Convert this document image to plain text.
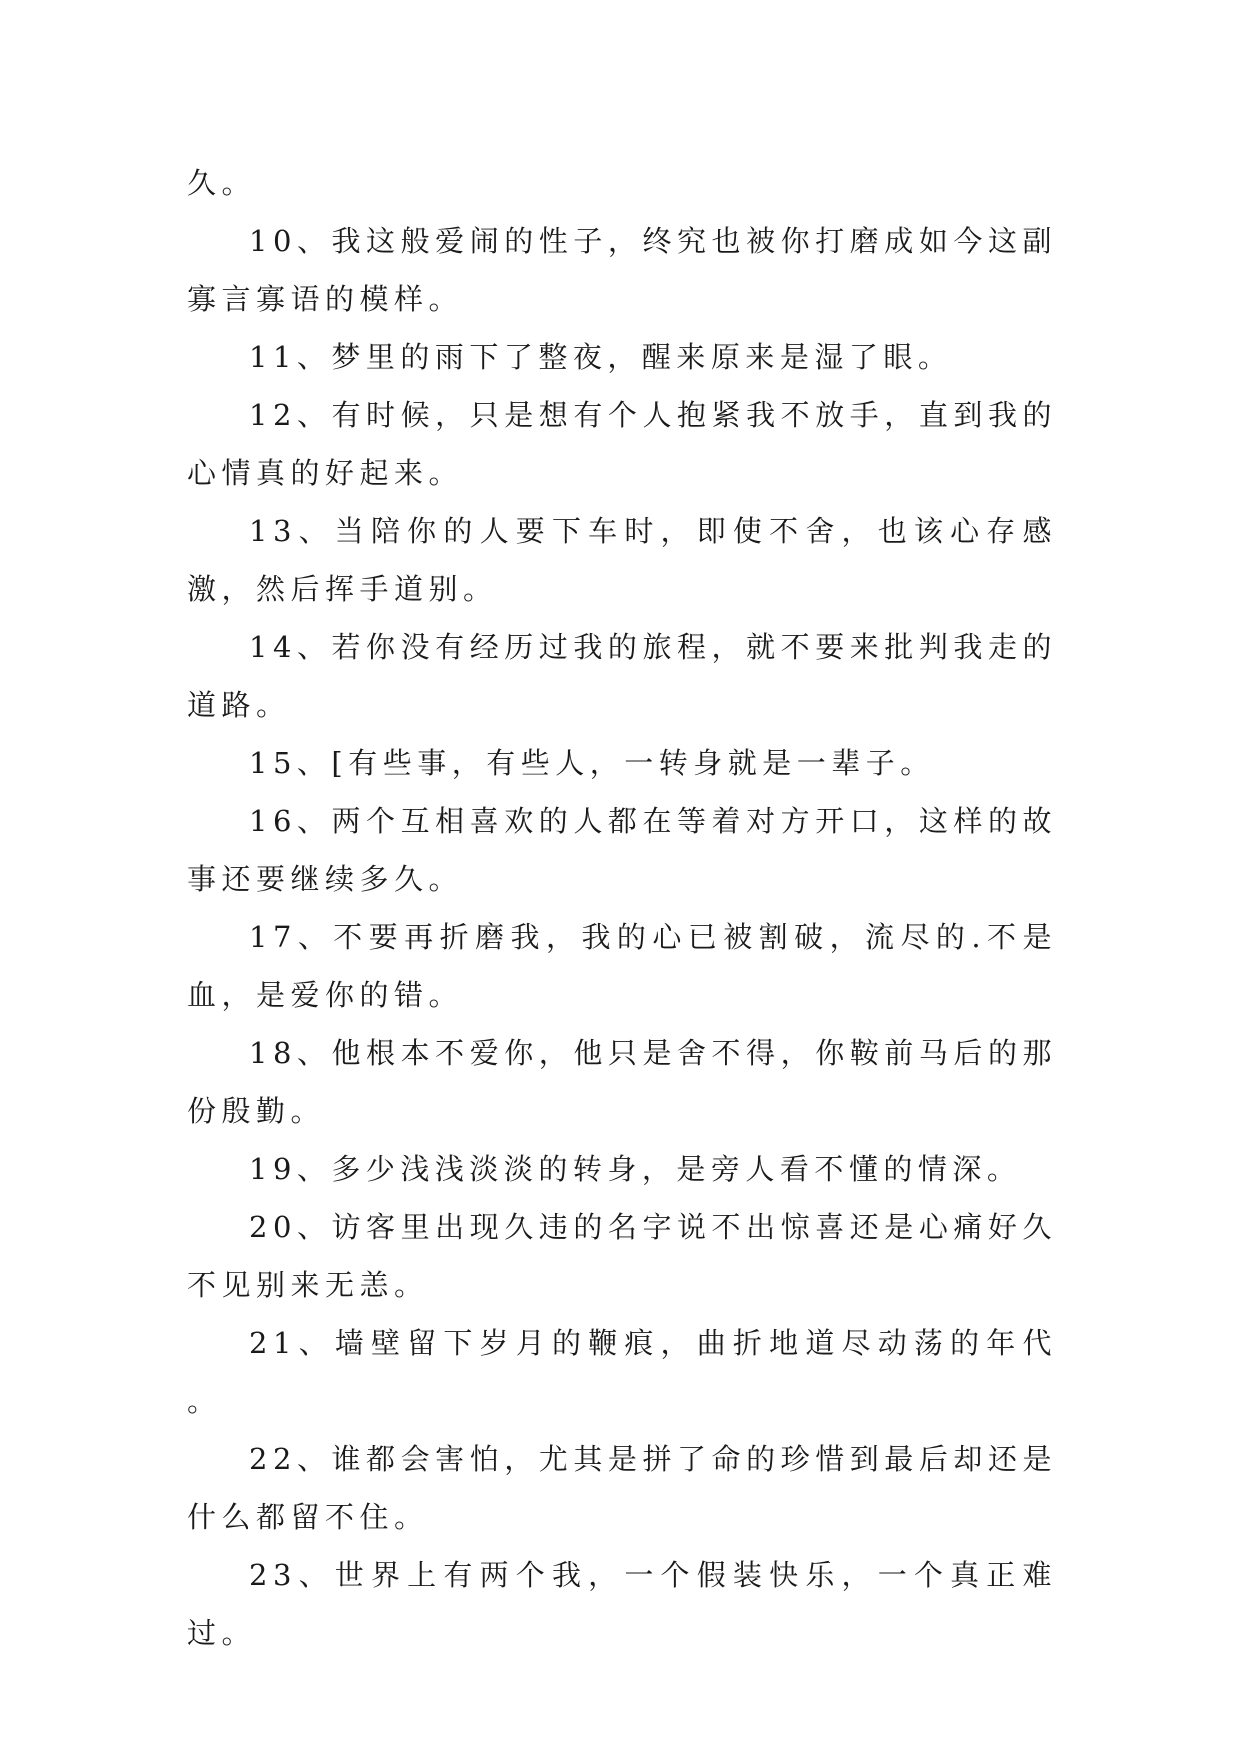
久。

10、我这般爱闹的性子，终究也被你打磨成如今这副寡言寡语的模样。

11、梦里的雨下了整夜，醒来原来是湿了眼。

12、有时候，只是想有个人抱紧我不放手，直到我的心情真的好起来。

13、当陪你的人要下车时，即使不舍，也该心存感激，然后挥手道别。

14、若你没有经历过我的旅程，就不要来批判我走的道路。

15、[有些事，有些人，一转身就是一辈子。

16、两个互相喜欢的人都在等着对方开口，这样的故事还要继续多久。

17、不要再折磨我，我的心已被割破，流尽的.不是血，是爱你的错。

18、他根本不爱你，他只是舍不得，你鞍前马后的那份殷勤。

19、多少浅浅淡淡的转身，是旁人看不懂的情深。

20、访客里出现久违的名字说不出惊喜还是心痛好久不见别来无恙。

21、墙壁留下岁月的鞭痕，曲折地道尽动荡的年代 。

22、谁都会害怕，尤其是拼了命的珍惜到最后却还是什么都留不住。

23、世界上有两个我，一个假装快乐，一个真正难过。
